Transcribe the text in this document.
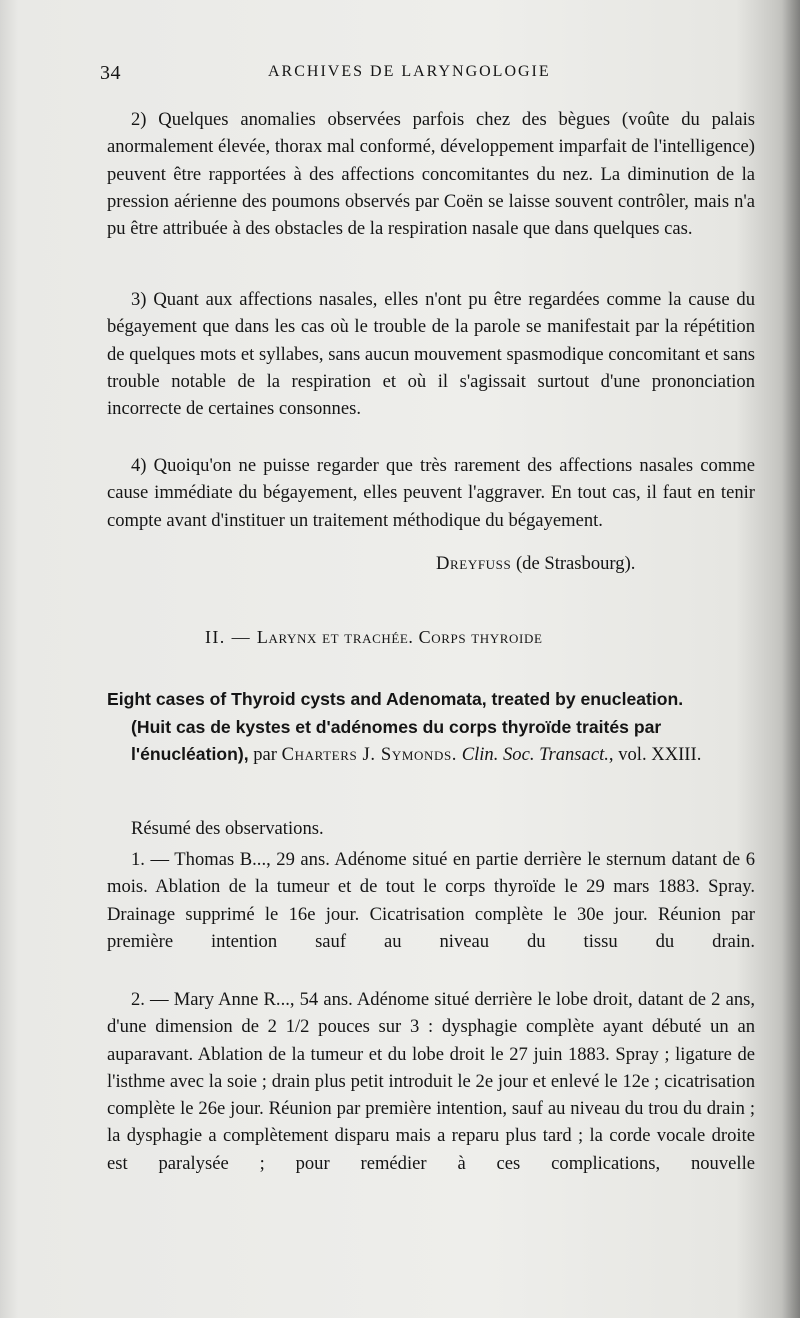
34	ARCHIVES DE LARYNGOLOGIE

2) Quelques anomalies observées parfois chez des bègues (voûte du palais anormalement élevée, thorax mal conformé, développement imparfait de l'intelligence) peuvent être rapportées à des affections concomitantes du nez. La diminution de la pression aérienne des poumons observés par Coën se laisse souvent contrôler, mais n'a pu être attribuée à des obstacles de la respiration nasale que dans quelques cas.

3) Quant aux affections nasales, elles n'ont pu être regardées comme la cause du bégayement que dans les cas où le trouble de la parole se manifestait par la répétition de quelques mots et syllabes, sans aucun mouvement spasmodique concomitant et sans trouble notable de la respiration et où il s'agissait surtout d'une prononciation incorrecte de certaines consonnes.

4) Quoiqu'on ne puisse regarder que très rarement des affections nasales comme cause immédiate du bégayement, elles peuvent l'aggraver. En tout cas, il faut en tenir compte avant d'instituer un traitement méthodique du bégayement.

Dreyfuss (de Strasbourg).
II. — Larynx et trachée. Corps thyroide
Eight cases of Thyroid cysts and Adenomata, treated by enucleation.
(Huit cas de kystes et d'adénomes du corps thyroïde traités par l'énucléation), par Charters J. Symonds. Clin. Soc. Transact., vol. XXIII.
Résumé des observations.

1. — Thomas B..., 29 ans. Adénome situé en partie derrière le sternum datant de 6 mois. Ablation de la tumeur et de tout le corps thyroïde le 29 mars 1883. Spray. Drainage supprimé le 16e jour. Cicatrisation complète le 30e jour. Réunion par première intention sauf au niveau du tissu du drain.

2. — Mary Anne R..., 54 ans. Adénome situé derrière le lobe droit, datant de 2 ans, d'une dimension de 2 1/2 pouces sur 3 : dysphagie complète ayant débuté un an auparavant. Ablation de la tumeur et du lobe droit le 27 juin 1883. Spray ; ligature de l'isthme avec la soie ; drain plus petit introduit le 2e jour et enlevé le 12e ; cicatrisation complète le 26e jour. Réunion par première intention, sauf au niveau du trou du drain ; la dysphagie a complètement disparu mais a reparu plus tard ; la corde vocale droite est paralysée ; pour remédier à ces complications, nouvelle
